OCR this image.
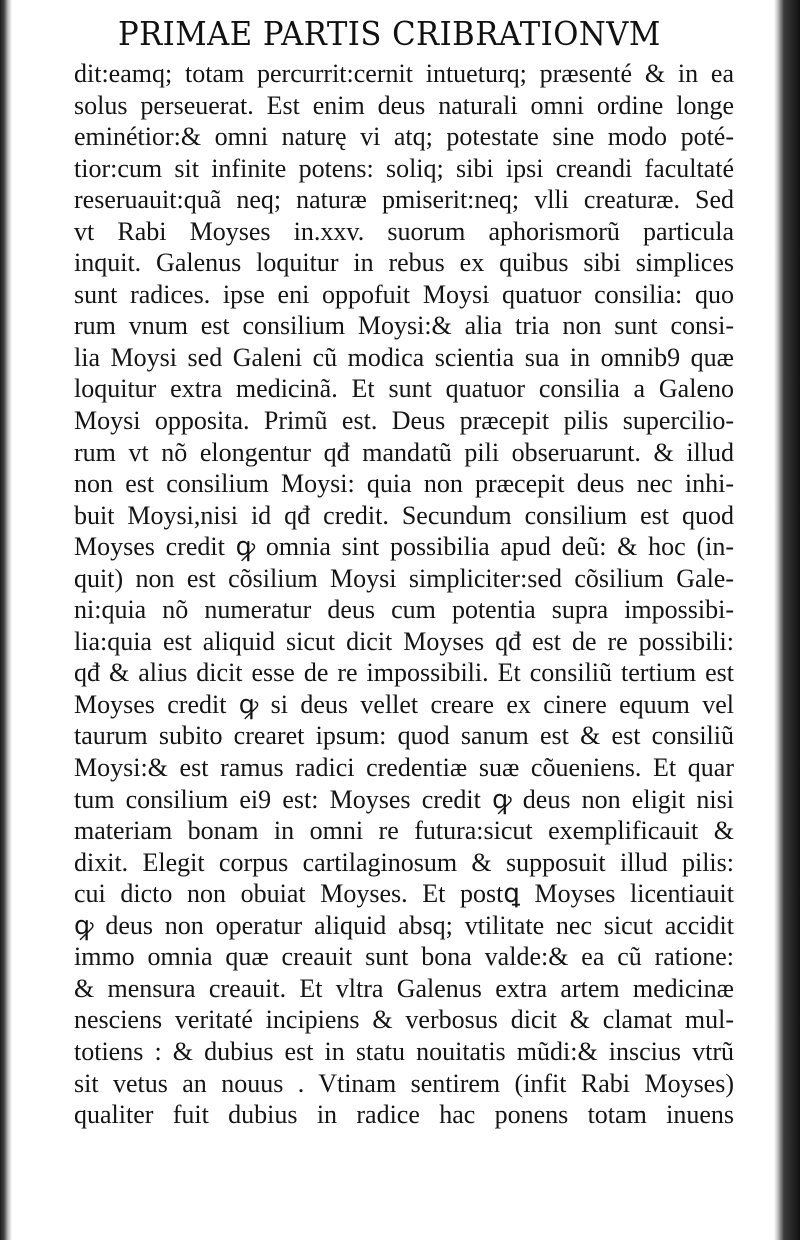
PRIMAE PARTIS CRIBRATIONVM
dit:eamq; totam percurrit:cernit intueturq; præsenté & in ea
solus perseuerat. Est enim deus naturali omni ordine longe
eminétior:& omni naturę vi atq; potestate sine modo poté-
tior:cum sit infinite potens: soliq; sibi ipsi creandi facultaté
reseruauit:quã neq; naturæ pmiserit:neq; vlli creaturæ. Sed
vt Rabi Moyses in.xxv. suorum aphorismorũ particula
inquit. Galenus loquitur in rebus ex quibus sibi simplices
sunt radices. ipse eni oppofuit Moysi quatuor consilia: quo
rum vnum est consilium Moysi:& alia tria non sunt consi-
lia Moysi sed Galeni cũ modica scientia sua in omnib9 quæ
loquitur extra medicinã. Et sunt quatuor consilia a Galeno
Moysi opposita. Primũ est. Deus præcepit pilis supercilio-
rum vt nõ elongentur qđ mandatũ pili obseruarunt. & illud
non est consilium Moysi: quia non præcepit deus nec inhi-
buit Moysi,nisi id qđ credit. Secundum consilium est quod
Moyses credit ꝙ omnia sint possibilia apud deũ: & hoc (in-
quit) non est cõsilium Moysi simpliciter:sed cõsilium Gale-
ni:quia nõ numeratur deus cum potentia supra impossibi-
lia:quia est aliquid sicut dicit Moyses qđ est de re possibili:
qđ & alius dicit esse de re impossibili. Et consiliũ tertium est
Moyses credit ꝙ si deus vellet creare ex cinere equum vel
taurum subito crearet ipsum: quod sanum est & est consiliũ
Moysi:& est ramus radici credentiæ suæ cõueniens. Et quar
tum consilium ei9 est: Moyses credit ꝙ deus non eligit nisi
materiam bonam in omni re futura:sicut exemplificauit &
dixit. Elegit corpus cartilaginosum & supposuit illud pilis:
cui dicto non obuiat Moyses. Et postꝗ Moyses licentiauit
ꝙ deus non operatur aliquid absq; vtilitate nec sicut accidit
immo omnia quæ creauit sunt bona valde:& ea cũ ratione:
& mensura creauit. Et vltra Galenus extra artem medicinæ
nesciens veritaté incipiens & verbosus dicit & clamat mul-
totiens : & dubius est in statu nouitatis mũdi:& inscius vtrũ
sit vetus an nouus . Vtinam sentirem (infit Rabi Moyses)
qualiter fuit dubius in radice hac ponens totam inuens
